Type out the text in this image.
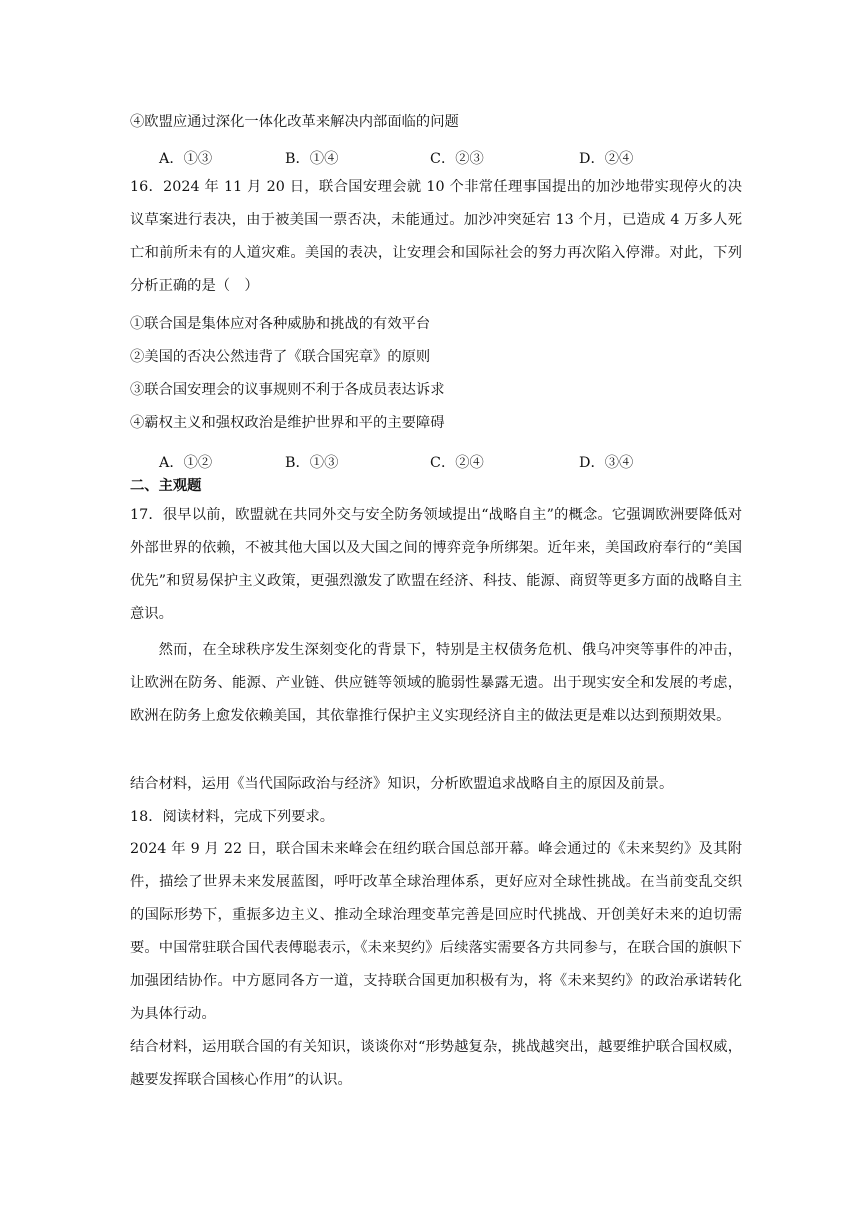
④欧盟应通过深化一体化改革来解决内部面临的问题
A．①③	B．①④	C．②③	D．②④
16．2024 年 11 月 20 日，联合国安理会就 10 个非常任理事国提出的加沙地带实现停火的决议草案进行表决，由于被美国一票否决，未能通过。加沙冲突延宕 13 个月，已造成 4 万多人死亡和前所未有的人道灾难。美国的表决，让安理会和国际社会的努力再次陷入停滞。对此，下列分析正确的是（　）
①联合国是集体应对各种威胁和挑战的有效平台
②美国的否决公然违背了《联合国宪章》的原则
③联合国安理会的议事规则不利于各成员表达诉求
④霸权主义和强权政治是维护世界和平的主要障碍
A．①②	B．①③	C．②④	D．③④
二、主观题
17．很早以前，欧盟就在共同外交与安全防务领域提出“战略自主”的概念。它强调欧洲要降低对外部世界的依赖，不被其他大国以及大国之间的博弈竞争所绑架。近年来，美国政府奉行的“美国优先”和贸易保护主义政策，更强烈激发了欧盟在经济、科技、能源、商贸等更多方面的战略自主意识。
然而，在全球秩序发生深刻变化的背景下，特别是主权债务危机、俄乌冲突等事件的冲击，让欧洲在防务、能源、产业链、供应链等领域的脆弱性暴露无遗。出于现实安全和发展的考虑，欧洲在防务上愈发依赖美国，其依靠推行保护主义实现经济自主的做法更是难以达到预期效果。
结合材料，运用《当代国际政治与经济》知识，分析欧盟追求战略自主的原因及前景。
18．阅读材料，完成下列要求。
2024 年 9 月 22 日，联合国未来峰会在纽约联合国总部开幕。峰会通过的《未来契约》及其附件，描绘了世界未来发展蓝图，呼吁改革全球治理体系，更好应对全球性挑战。在当前变乱交织的国际形势下，重振多边主义、推动全球治理变革完善是回应时代挑战、开创美好未来的迫切需要。中国常驻联合国代表傅聪表示，《未来契约》后续落实需要各方共同参与，在联合国的旗帜下加强团结协作。中方愿同各方一道，支持联合国更加积极有为，将《未来契约》的政治承诺转化为具体行动。
结合材料，运用联合国的有关知识，谈谈你对“形势越复杂，挑战越突出，越要维护联合国权威，越要发挥联合国核心作用”的认识。
